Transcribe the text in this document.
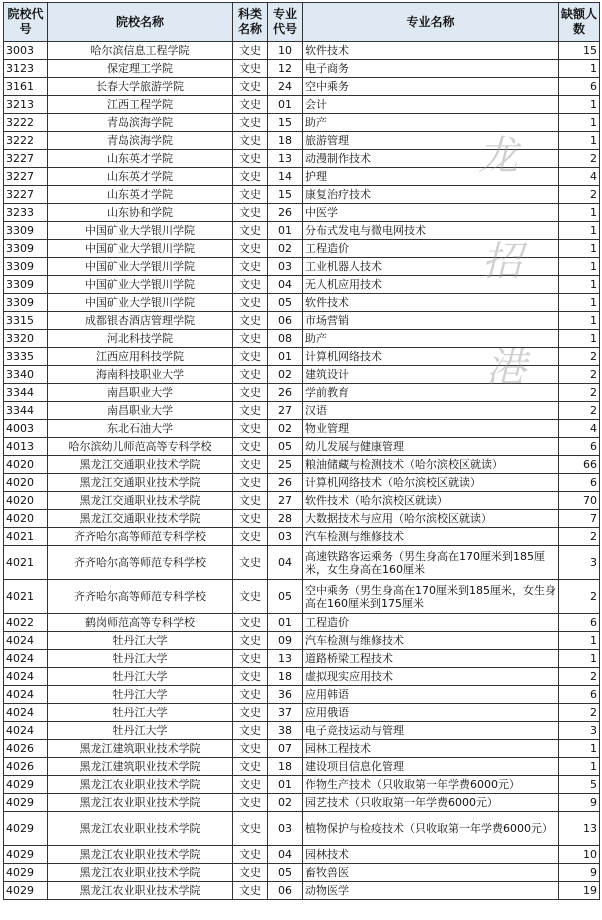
院校代号	院校名称	科类名称	专业代号	专业名称	缺额人数
3003	哈尔滨信息工程学院	文史	10	软件技术	15
3123	保定理工学院	文史	12	电子商务	1
3161	长春大学旅游学院	文史	24	空中乘务	6
3213	江西工程学院	文史	01	会计	1
3222	青岛滨海学院	文史	15	助产	1
3222	青岛滨海学院	文史	18	旅游管理	1
3227	山东英才学院	文史	13	动漫制作技术	2
3227	山东英才学院	文史	14	护理	4
3227	山东英才学院	文史	15	康复治疗技术	2
3233	山东协和学院	文史	26	中医学	1
3309	中国矿业大学银川学院	文史	01	分布式发电与微电网技术	1
3309	中国矿业大学银川学院	文史	02	工程造价	1
3309	中国矿业大学银川学院	文史	03	工业机器人技术	1
3309	中国矿业大学银川学院	文史	04	无人机应用技术	1
3309	中国矿业大学银川学院	文史	05	软件技术	1
3315	成都银杏酒店管理学院	文史	06	市场营销	1
3320	河北科技学院	文史	08	助产	1
3335	江西应用科技学院	文史	01	计算机网络技术	2
3340	海南科技职业大学	文史	02	建筑设计	2
3344	南昌职业大学	文史	26	学前教育	2
3344	南昌职业大学	文史	27	汉语	2
4003	东北石油大学	文史	02	物业管理	4
4013	哈尔滨幼儿师范高等专科学校	文史	05	幼儿发展与健康管理	6
4020	黑龙江交通职业技术学院	文史	25	粮油储藏与检测技术（哈尔滨校区就读）	66
4020	黑龙江交通职业技术学院	文史	26	计算机网络技术（哈尔滨校区就读）	6
4020	黑龙江交通职业技术学院	文史	27	软件技术（哈尔滨校区就读）	70
4020	黑龙江交通职业技术学院	文史	28	大数据技术与应用（哈尔滨校区就读）	7
4021	齐齐哈尔高等师范专科学校	文史	03	汽车检测与维修技术	2
4021	齐齐哈尔高等师范专科学校	文史	04	高速铁路客运乘务（男生身高在170厘米到185厘米，女生身高在160厘米	3
4021	齐齐哈尔高等师范专科学校	文史	05	空中乘务（男生身高在170厘米到185厘米，女生身高在160厘米到175厘米	2
4022	鹤岗师范高等专科学校	文史	01	工程造价	6
4024	牡丹江大学	文史	09	汽车检测与维修技术	1
4024	牡丹江大学	文史	13	道路桥梁工程技术	1
4024	牡丹江大学	文史	18	虚拟现实应用技术	2
4024	牡丹江大学	文史	36	应用韩语	6
4024	牡丹江大学	文史	37	应用俄语	2
4024	牡丹江大学	文史	38	电子竞技运动与管理	3
4026	黑龙江建筑职业技术学院	文史	07	园林工程技术	1
4026	黑龙江建筑职业技术学院	文史	18	建设项目信息化管理	1
4029	黑龙江农业职业技术学院	文史	01	作物生产技术（只收取第一年学费6000元）	5
4029	黑龙江农业职业技术学院	文史	02	园艺技术（只收取第一年学费6000元）	9
4029	黑龙江农业职业技术学院	文史	03	植物保护与检疫技术（只收取第一年学费6000元）	13
4029	黑龙江农业职业技术学院	文史	04	园林技术	10
4029	黑龙江农业职业技术学院	文史	05	畜牧兽医	9
4029	黑龙江农业职业技术学院	文史	06	动物医学	19
龙
招
港
